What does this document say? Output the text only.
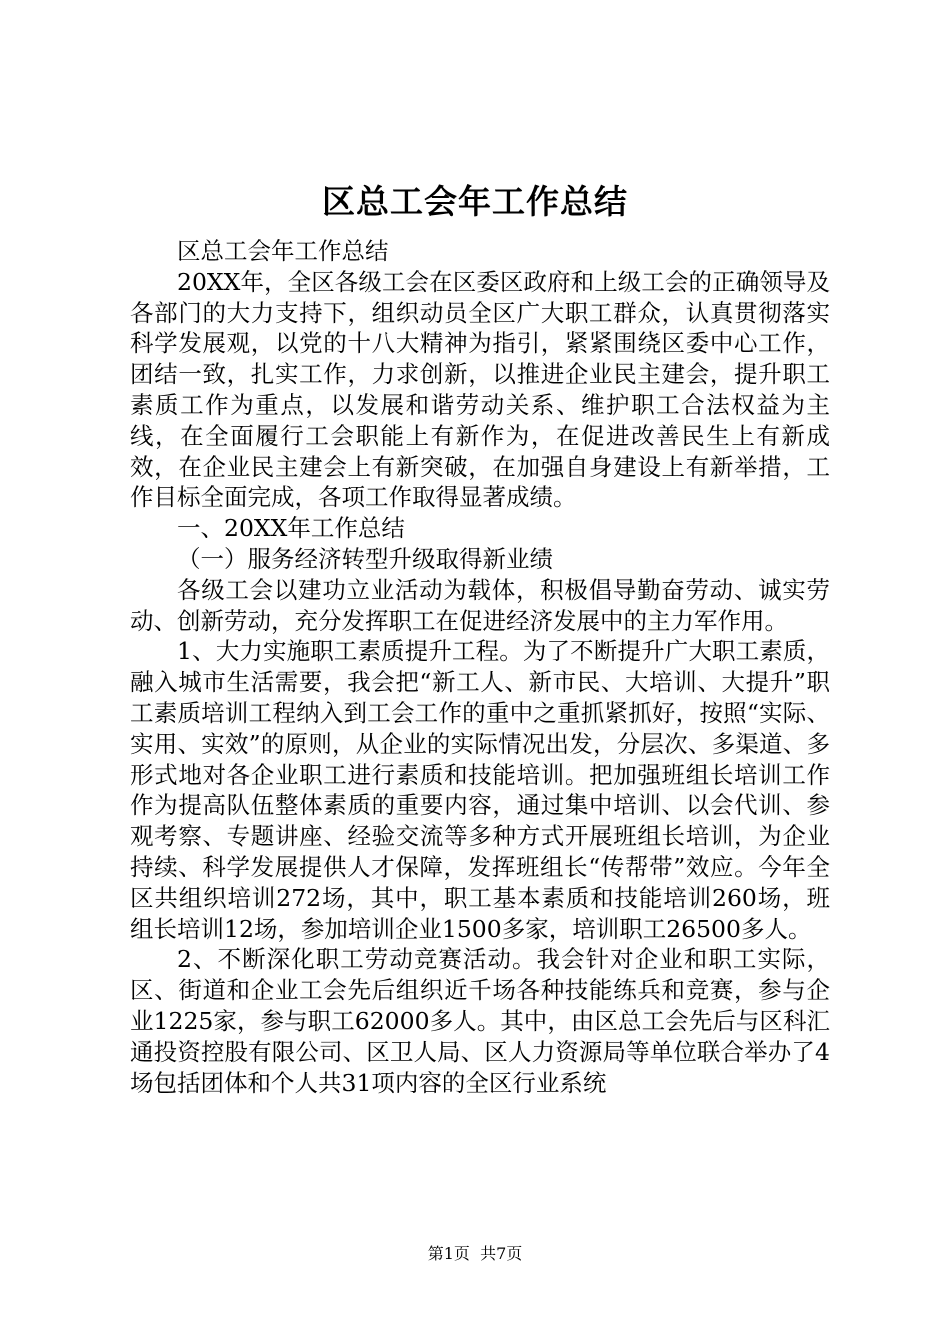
区总工会年工作总结

区总工会年工作总结

20XX年，全区各级工会在区委区政府和上级工会的正确领导及各部门的大力支持下，组织动员全区广大职工群众，认真贯彻落实科学发展观，以党的十八大精神为指引，紧紧围绕区委中心工作，团结一致，扎实工作，力求创新，以推进企业民主建会，提升职工素质工作为重点，以发展和谐劳动关系、维护职工合法权益为主线，在全面履行工会职能上有新作为，在促进改善民生上有新成效，在企业民主建会上有新突破，在加强自身建设上有新举措，工作目标全面完成，各项工作取得显著成绩。

一、20XX年工作总结

（一）服务经济转型升级取得新业绩

各级工会以建功立业活动为载体，积极倡导勤奋劳动、诚实劳动、创新劳动，充分发挥职工在促进经济发展中的主力军作用。

1、大力实施职工素质提升工程。为了不断提升广大职工素质，融入城市生活需要，我会把“新工人、新市民、大培训、大提升”职工素质培训工程纳入到工会工作的重中之重抓紧抓好，按照“实际、实用、实效”的原则，从企业的实际情况出发，分层次、多渠道、多形式地对各企业职工进行素质和技能培训。把加强班组长培训工作作为提高队伍整体素质的重要内容，通过集中培训、以会代训、参观考察、专题讲座、经验交流等多种方式开展班组长培训，为企业持续、科学发展提供人才保障，发挥班组长“传帮带”效应。今年全区共组织培训272场，其中，职工基本素质和技能培训260场，班组长培训12场，参加培训企业1500多家，培训职工26500多人。

2、不断深化职工劳动竞赛活动。我会针对企业和职工实际，区、街道和企业工会先后组织近千场各种技能练兵和竞赛，参与企业1225家，参与职工62000多人。其中，由区总工会先后与区科汇通投资控股有限公司、区卫人局、区人力资源局等单位联合举办了4场包括团体和个人共31项内容的全区行业系统

第1页 共7页
